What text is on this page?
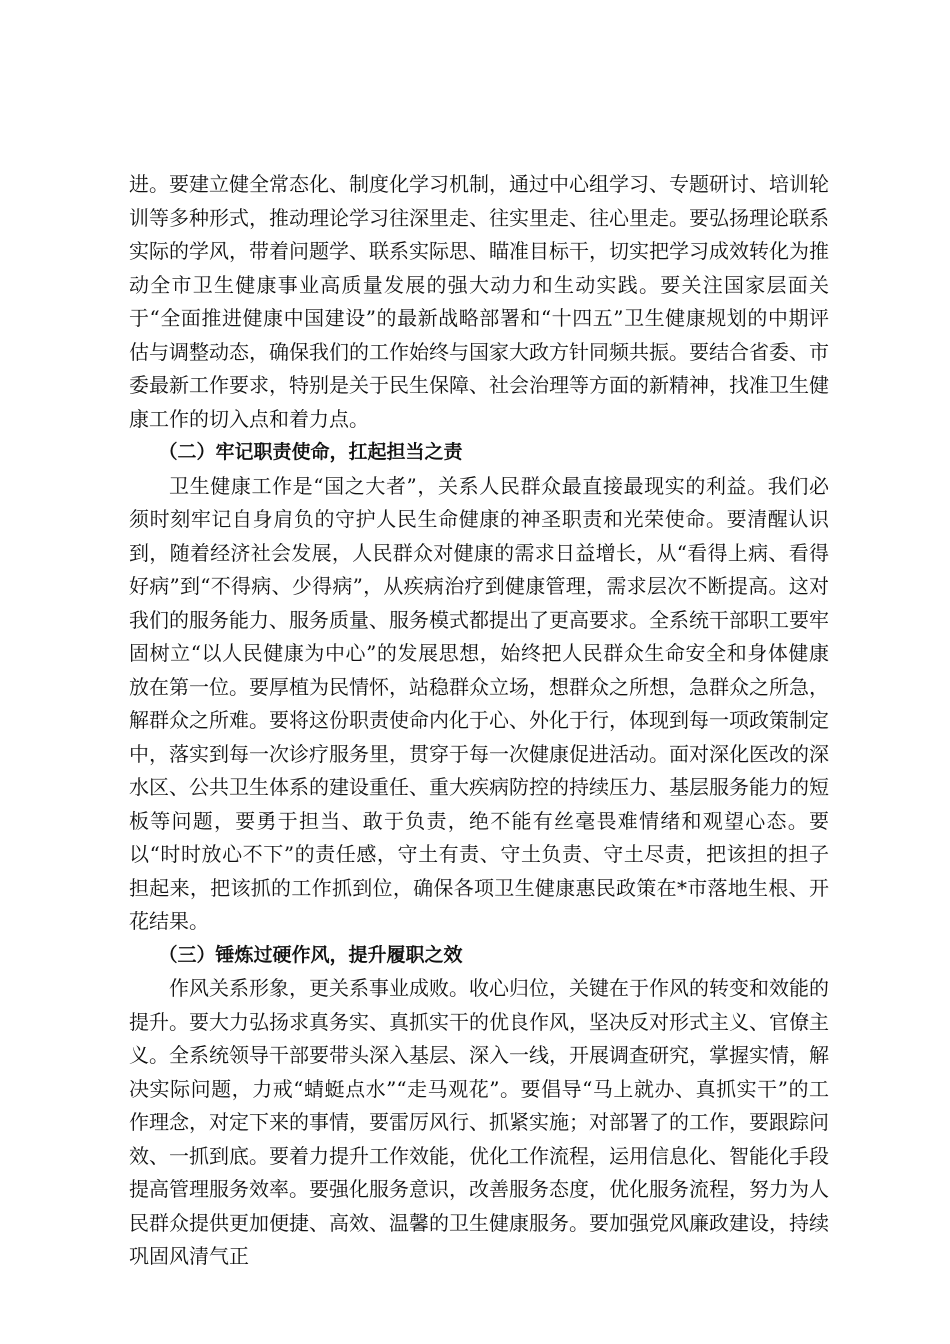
进。要建立健全常态化、制度化学习机制，通过中心组学习、专题研讨、培训轮训等多种形式，推动理论学习往深里走、往实里走、往心里走。要弘扬理论联系实际的学风，带着问题学、联系实际思、瞄准目标干，切实把学习成效转化为推动全市卫生健康事业高质量发展的强大动力和生动实践。要关注国家层面关于“全面推进健康中国建设”的最新战略部署和“十四五”卫生健康规划的中期评估与调整动态，确保我们的工作始终与国家大政方针同频共振。要结合省委、市委最新工作要求，特别是关于民生保障、社会治理等方面的新精神，找准卫生健康工作的切入点和着力点。

（二）牢记职责使命，扛起担当之责

卫生健康工作是“国之大者”，关系人民群众最直接最现实的利益。我们必须时刻牢记自身肩负的守护人民生命健康的神圣职责和光荣使命。要清醒认识到，随着经济社会发展，人民群众对健康的需求日益增长，从“看得上病、看得好病”到“不得病、少得病”，从疾病治疗到健康管理，需求层次不断提高。这对我们的服务能力、服务质量、服务模式都提出了更高要求。全系统干部职工要牢固树立“以人民健康为中心”的发展思想，始终把人民群众生命安全和身体健康放在第一位。要厚植为民情怀，站稳群众立场，想群众之所想，急群众之所急，解群众之所难。要将这份职责使命内化于心、外化于行，体现到每一项政策制定中，落实到每一次诊疗服务里，贯穿于每一次健康促进活动。面对深化医改的深水区、公共卫生体系的建设重任、重大疾病防控的持续压力、基层服务能力的短板等问题，要勇于担当、敢于负责，绝不能有丝毫畏难情绪和观望心态。要以“时时放心不下”的责任感，守土有责、守土负责、守土尽责，把该担的担子担起来，把该抓的工作抓到位，确保各项卫生健康惠民政策在*市落地生根、开花结果。

（三）锤炼过硬作风，提升履职之效

作风关系形象，更关系事业成败。收心归位，关键在于作风的转变和效能的提升。要大力弘扬求真务实、真抓实干的优良作风，坚决反对形式主义、官僚主义。全系统领导干部要带头深入基层、深入一线，开展调查研究，掌握实情，解决实际问题，力戒“蜻蜓点水”“走马观花”。要倡导“马上就办、真抓实干”的工作理念，对定下来的事情，要雷厉风行、抓紧实施；对部署了的工作，要跟踪问效、一抓到底。要着力提升工作效能，优化工作流程，运用信息化、智能化手段提高管理服务效率。要强化服务意识，改善服务态度，优化服务流程，努力为人民群众提供更加便捷、高效、温馨的卫生健康服务。要加强党风廉政建设，持续巩固风清气正
